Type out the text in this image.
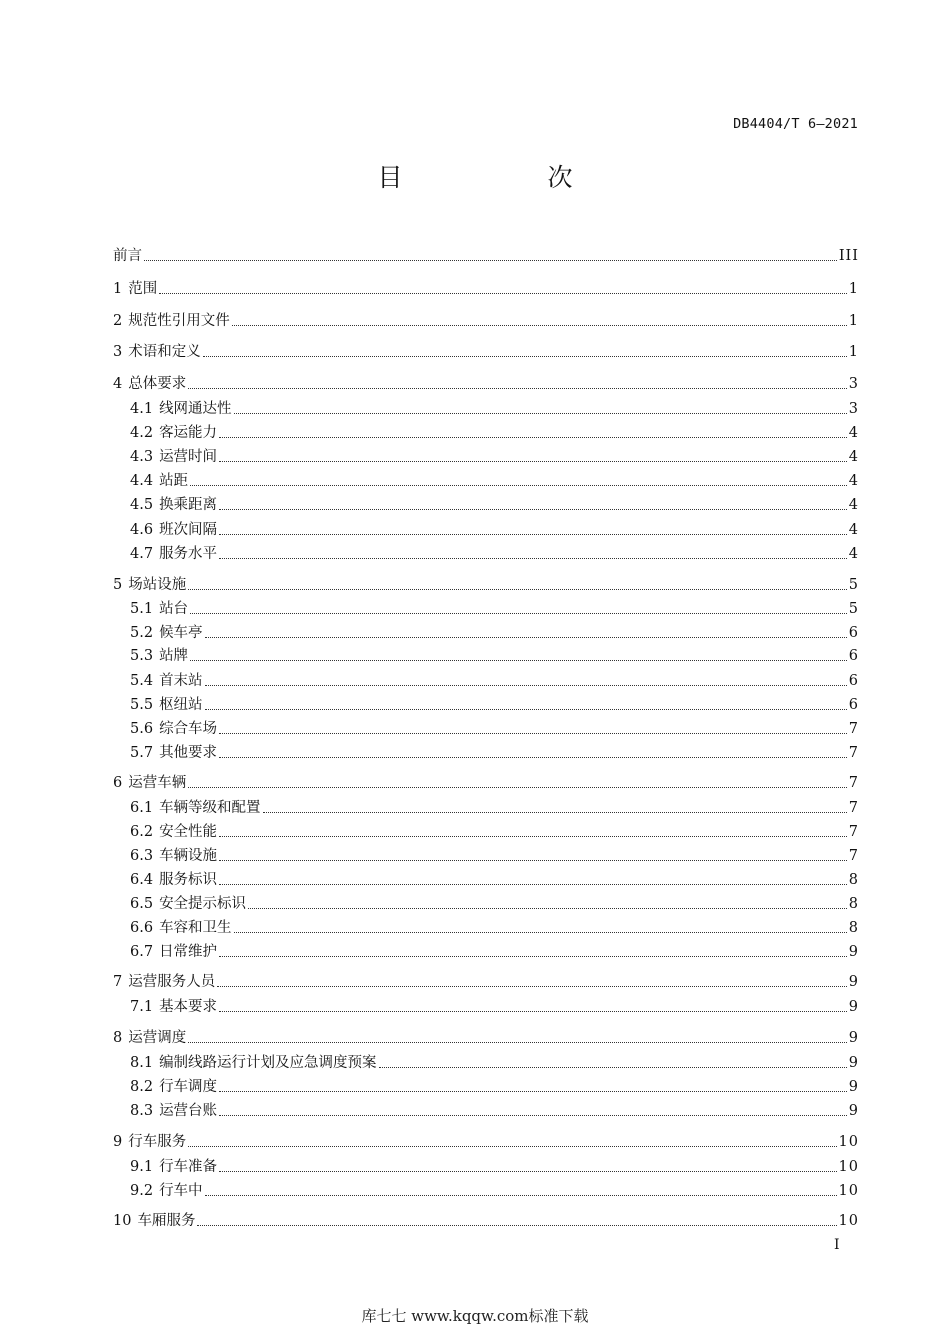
DB4404/T 6—2021
目　次
前言	III
1 范围	1
2 规范性引用文件	1
3 术语和定义	1
4 总体要求	3
4.1 线网通达性	3
4.2 客运能力	4
4.3 运营时间	4
4.4 站距	4
4.5 换乘距离	4
4.6 班次间隔	4
4.7 服务水平	4
5 场站设施	5
5.1 站台	5
5.2 候车亭	6
5.3 站牌	6
5.4 首末站	6
5.5 枢纽站	6
5.6 综合车场	7
5.7 其他要求	7
6 运营车辆	7
6.1 车辆等级和配置	7
6.2 安全性能	7
6.3 车辆设施	7
6.4 服务标识	8
6.5 安全提示标识	8
6.6 车容和卫生	8
6.7 日常维护	9
7 运营服务人员	9
7.1 基本要求	9
8 运营调度	9
8.1 编制线路运行计划及应急调度预案	9
8.2 行车调度	9
8.3 运营台账	9
9 行车服务	10
9.1 行车准备	10
9.2 行车中	10
10 车厢服务	10
I
库七七 www.kqqw.com标准下载
